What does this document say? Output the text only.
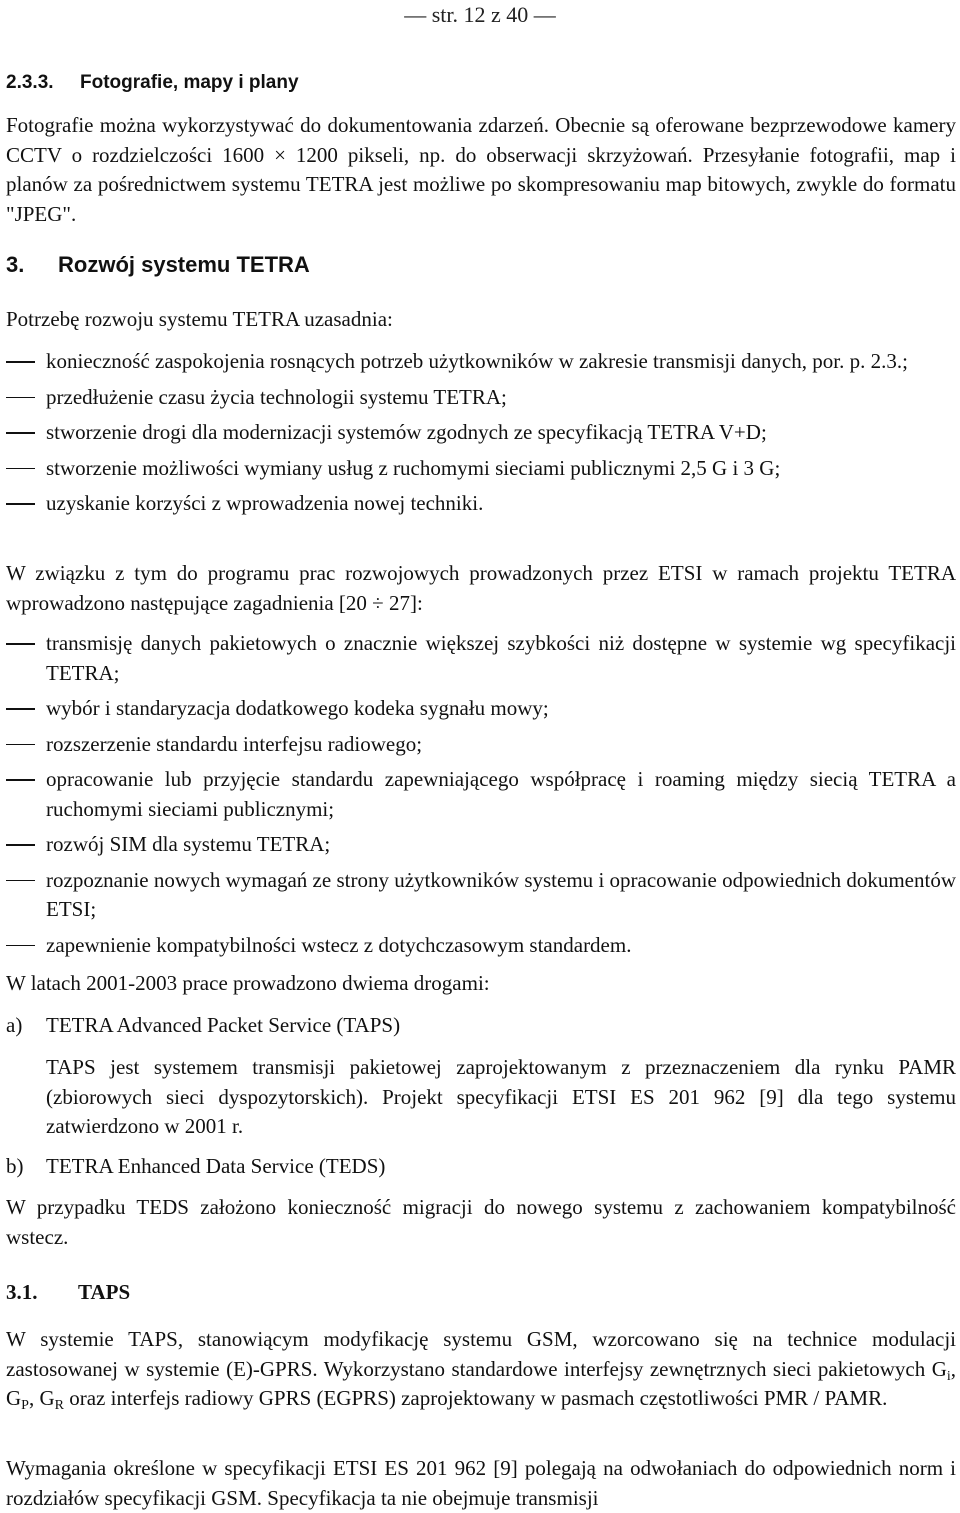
— str. 12 z 40 —
2.3.3. Fotografie, mapy i plany
Fotografie można wykorzystywać do dokumentowania zdarzeń. Obecnie są oferowane bezprzewodowe kamery CCTV o rozdzielczości 1600 × 1200 pikseli, np. do obserwacji skrzyżowań. Przesyłanie fotografii, map i planów za pośrednictwem systemu TETRA jest możliwe po skompresowaniu map bitowych, zwykle do formatu "JPEG".
3. Rozwój systemu TETRA
Potrzebę rozwoju systemu TETRA uzasadnia:
konieczność zaspokojenia rosnących potrzeb użytkowników w zakresie transmisji danych, por. p. 2.3.;
przedłużenie czasu życia technologii systemu TETRA;
stworzenie drogi dla modernizacji systemów zgodnych ze specyfikacją TETRA V+D;
stworzenie możliwości wymiany usług z ruchomymi sieciami publicznymi 2,5 G i 3 G;
uzyskanie korzyści z wprowadzenia nowej techniki.
W związku z tym do programu prac rozwojowych prowadzonych przez ETSI w ramach projektu TETRA wprowadzono następujące zagadnienia [20 ÷ 27]:
transmisję danych pakietowych o znacznie większej szybkości niż dostępne w systemie wg specyfikacji TETRA;
wybór i standaryzacja dodatkowego kodeka sygnału mowy;
rozszerzenie standardu interfejsu radiowego;
opracowanie lub przyjęcie standardu zapewniającego współpracę i roaming między siecią TETRA a ruchomymi sieciami publicznymi;
rozwój SIM dla systemu TETRA;
rozpoznanie nowych wymagań ze strony użytkowników systemu i opracowanie odpowiednich dokumentów ETSI;
zapewnienie kompatybilności wstecz z dotychczasowym standardem.
W latach 2001-2003 prace prowadzono dwiema drogami:
a)	TETRA Advanced Packet Service (TAPS)
TAPS jest systemem transmisji pakietowej zaprojektowanym z przeznaczeniem dla rynku PAMR (zbiorowych sieci dyspozytorskich). Projekt specyfikacji ETSI ES 201 962 [9] dla tego systemu zatwierdzono w 2001 r.
b)	TETRA Enhanced Data Service (TEDS)
W przypadku TEDS założono konieczność migracji do nowego systemu z zachowaniem kompatybilność wstecz.
3.1. TAPS
W systemie TAPS, stanowiącym modyfikację systemu GSM, wzorcowano się na technice modulacji zastosowanej w systemie (E)-GPRS. Wykorzystano standardowe interfejsy zewnętrznych sieci pakietowych $G_i$, $G_P$, $G_R$ oraz interfejs radiowy GPRS (EGPRS) zaprojektowany w pasmach częstotliwości PMR / PAMR.
Wymagania określone w specyfikacji ETSI ES 201 962 [9] polegają na odwołaniach do odpowiednich norm i rozdziałów specyfikacji GSM. Specyfikacja ta nie obejmuje transmisji
